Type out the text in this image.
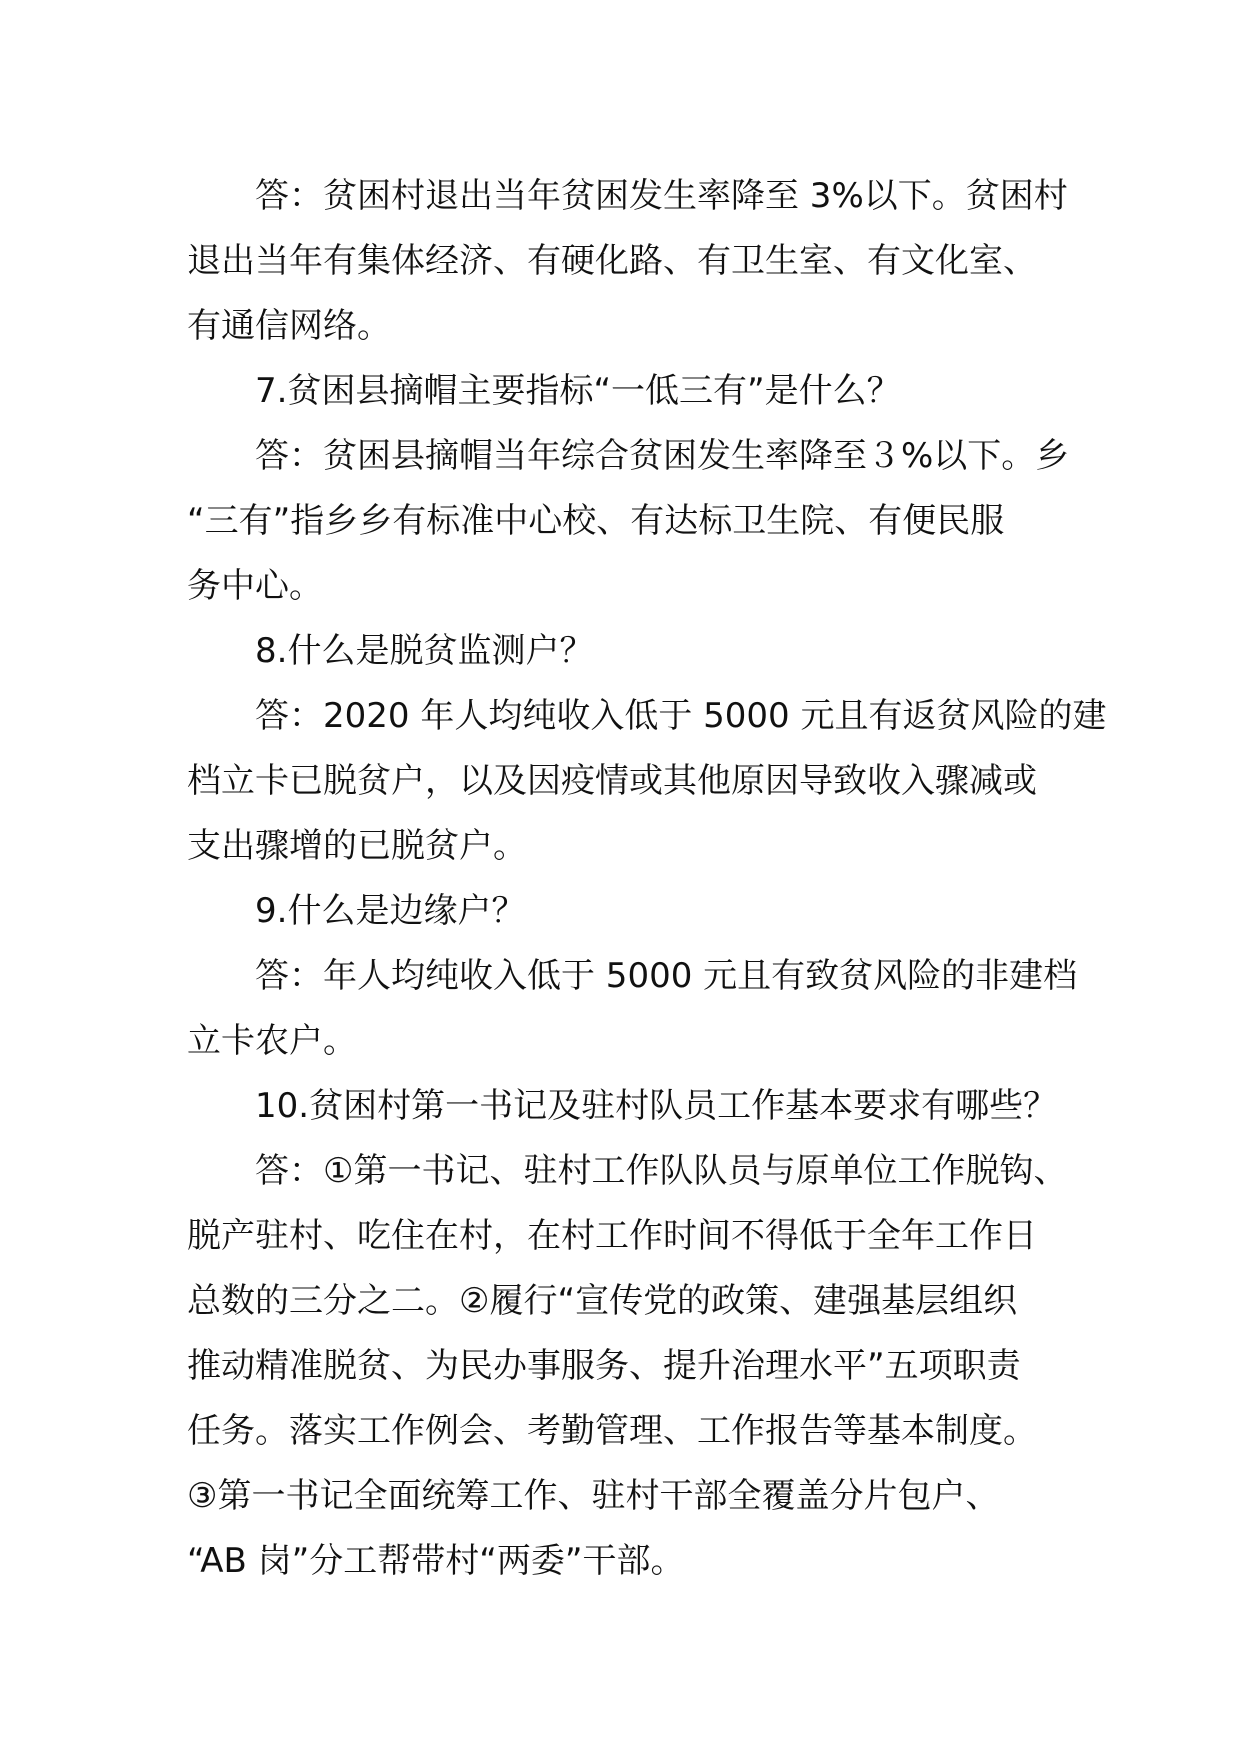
答：贫困村退出当年贫困发生率降至 3%以下。贫困村
退出当年有集体经济、有硬化路、有卫生室、有文化室、
有通信网络。
7.贫困县摘帽主要指标“一低三有”是什么？
答：贫困县摘帽当年综合贫困发生率降至３%以下。乡
“三有”指乡乡有标准中心校、有达标卫生院、有便民服
务中心。
8.什么是脱贫监测户？
答：2020 年人均纯收入低于 5000 元且有返贫风险的建
档立卡已脱贫户，以及因疫情或其他原因导致收入骤减或
支出骤增的已脱贫户。
9.什么是边缘户？
答：年人均纯收入低于 5000 元且有致贫风险的非建档
立卡农户。
10.贫困村第一书记及驻村队员工作基本要求有哪些？
答：①第一书记、驻村工作队队员与原单位工作脱钩、
脱产驻村、吃住在村，在村工作时间不得低于全年工作日
总数的三分之二。②履行“宣传党的政策、建强基层组织
推动精准脱贫、为民办事服务、提升治理水平”五项职责
任务。落实工作例会、考勤管理、工作报告等基本制度。
③第一书记全面统筹工作、驻村干部全覆盖分片包户、
“AB 岗”分工帮带村“两委”干部。
